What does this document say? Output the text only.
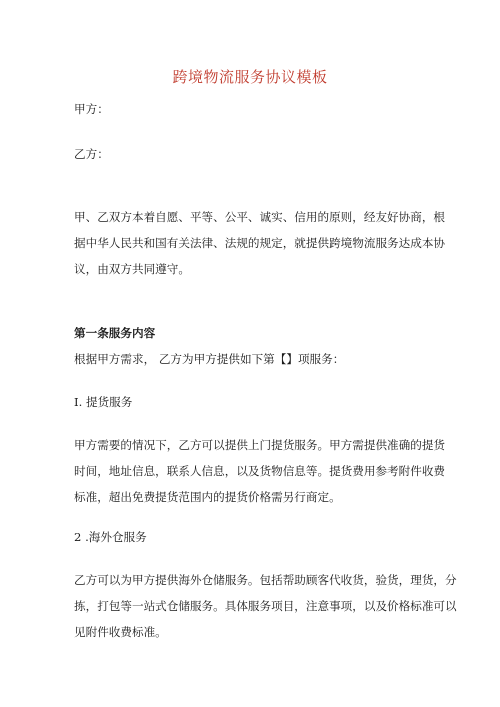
跨境物流服务协议模板
甲方：
乙方：
甲、乙双方本着自愿、平等、公平、诚实、信用的原则，经友好协商，根
据中华人民共和国有关法律、法规的规定，就提供跨境物流服务达成本协
议，由双方共同遵守。
第一条服务内容
根据甲方需求， 乙方为甲方提供如下第【】项服务：
I. 提货服务
甲方需要的情况下，乙方可以提供上门提货服务。甲方需提供准确的提货
时间，地址信息，联系人信息，以及货物信息等。提货费用参考附件收费
标准，超出免费提货范围内的提货价格需另行商定。
2 .海外仓服务
乙方可以为甲方提供海外仓储服务。包括帮助顾客代收货，验货，理货，分
拣，打包等一站式仓储服务。具体服务项目，注意事项，以及价格标准可以
见附件收费标准。
